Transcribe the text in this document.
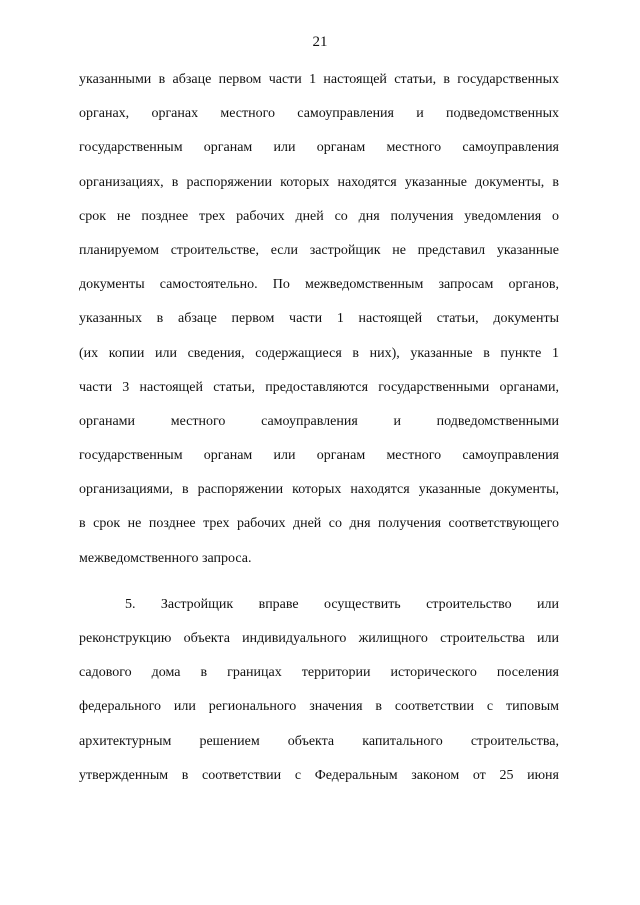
21
указанными в абзаце первом части 1 настоящей статьи, в государственных
органах, органах местного самоуправления и подведомственных
государственным органам или органам местного самоуправления
организациях, в распоряжении которых находятся указанные документы, в
срок не позднее трех рабочих дней со дня получения уведомления о
планируемом строительстве, если застройщик не представил указанные
документы самостоятельно. По межведомственным запросам органов,
указанных в абзаце первом части 1 настоящей статьи, документы
(их копии или сведения, содержащиеся в них), указанные в пункте 1
части 3 настоящей статьи, предоставляются государственными органами,
органами местного самоуправления и подведомственными
государственным органам или органам местного самоуправления
организациями, в распоряжении которых находятся указанные документы,
в срок не позднее трех рабочих дней со дня получения соответствующего
межведомственного запроса.
5. Застройщик вправе осуществить строительство или
реконструкцию объекта индивидуального жилищного строительства или
садового дома в границах территории исторического поселения
федерального или регионального значения в соответствии с типовым
архитектурным решением объекта капитального строительства,
утвержденным в соответствии с Федеральным законом от 25 июня
